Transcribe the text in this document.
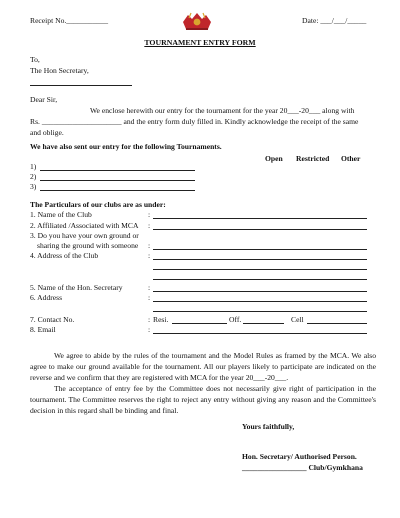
Receipt No.___________	Date: ___/___/_____
TOURNAMENT ENTRY FORM
To,
The Hon Secretary,
Dear Sir,
We enclose herewith our entry for the tournament for the year 20___-20___ along with
Rs. _____________________ and the entry form duly filled in. Kindly acknowledge the receipt of the same
and oblige.
We have also sent our entry for the following Tournaments.
Open Restricted Other
1)
2)
3)
The Particulars of our clubs are as under:
1. Name of the Club	:
2. Affiliated /Associated with MCA :
3. Do you have your own ground or
sharing the ground with someone :
4. Address of the Club	:
5. Name of the Hon. Secretary	:
6. Address	:
7. Contact No.	: Resi.	Off.	Cell
8. Email	:
We agree to abide by the rules of the tournament and the Model Rules as framed by the MCA. We also agree to make our ground available for the tournament. All our players likely to participate are indicated on the reverse and we confirm that they are registered with MCA for the year 20___-20___.
The acceptance of entry fee by the Committee does not necessarily give right of participation in the tournament. The Committee reserves the right to reject any entry without giving any reason and the Committee's decision in this regard shall be binding and final.
Yours faithfully,
Hon. Secretary/ Authorised Person.
_________________ Club/Gymkhana
